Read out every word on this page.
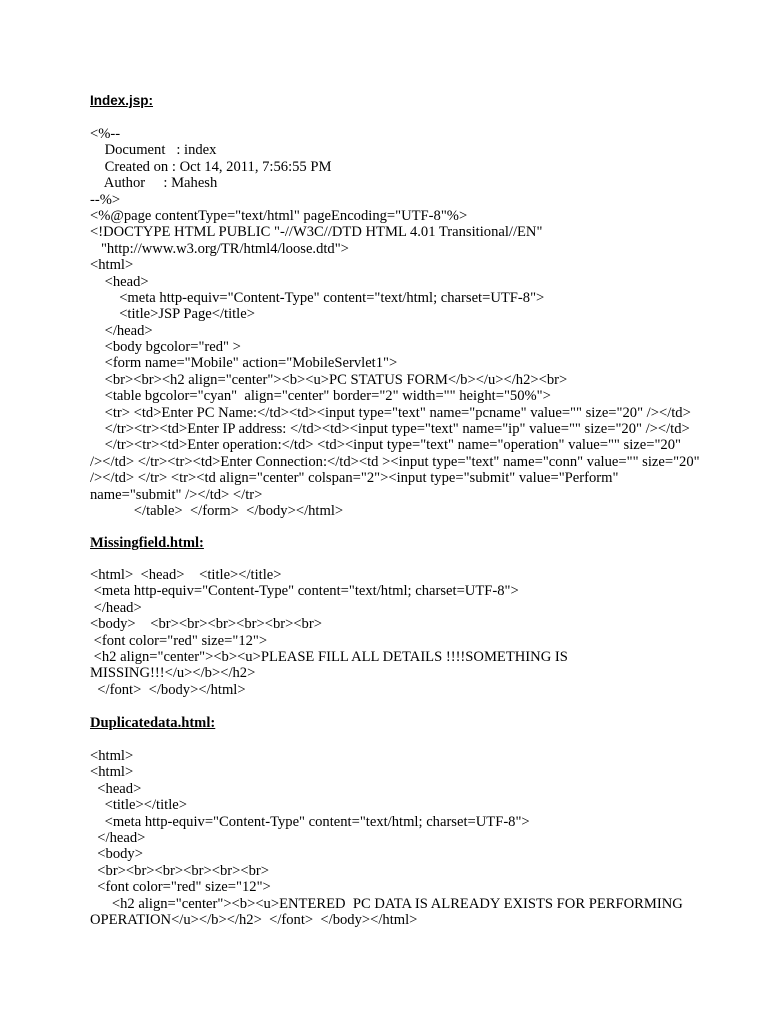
Index.jsp:

<%--
Document   : index
Created on : Oct 14, 2011, 7:56:55 PM
Author     : Mahesh
--%>
<%@page contentType="text/html" pageEncoding="UTF-8"%>
<!DOCTYPE HTML PUBLIC "-//W3C//DTD HTML 4.01 Transitional//EN"
"http://www.w3.org/TR/html4/loose.dtd">
<html>
<head>
<meta http-equiv="Content-Type" content="text/html; charset=UTF-8">
<title>JSP Page</title>
</head>
<body bgcolor="red" >
<form name="Mobile" action="MobileServlet1">
<br><br><h2 align="center"><b><u>PC STATUS FORM</b></u></h2><br>
<table bgcolor="cyan"  align="center" border="2" width="" height="50%">
<tr> <td>Enter PC Name:</td><td><input type="text" name="pcname" value="" size="20" /></td>
</tr><tr><td>Enter IP address: </td><td><input type="text" name="ip" value="" size="20" /></td>
</tr><tr><td>Enter operation:</td> <td><input type="text" name="operation" value="" size="20"
/></td> </tr><tr><td>Enter Connection:</td><td ><input type="text" name="conn" value="" size="20"
/></td> </tr> <tr><td align="center" colspan="2"><input type="submit" value="Perform"
name="submit" /></td> </tr>
</table>  </form>  </body></html>

Missingfield.html:

<html>  <head>    <title></title>
<meta http-equiv="Content-Type" content="text/html; charset=UTF-8">
</head>
<body>    <br><br><br><br><br><br>
<font color="red" size="12">
<h2 align="center"><b><u>PLEASE FILL ALL DETAILS !!!!SOMETHING IS
MISSING!!!</u></b></h2>
</font>  </body></html>

Duplicatedata.html:

<html>
<html>
<head>
<title></title>
<meta http-equiv="Content-Type" content="text/html; charset=UTF-8">
</head>
<body>
<br><br><br><br><br><br>
<font color="red" size="12">
<h2 align="center"><b><u>ENTERED  PC DATA IS ALREADY EXISTS FOR PERFORMING
OPERATION</u></b></h2>  </font>  </body></html>
